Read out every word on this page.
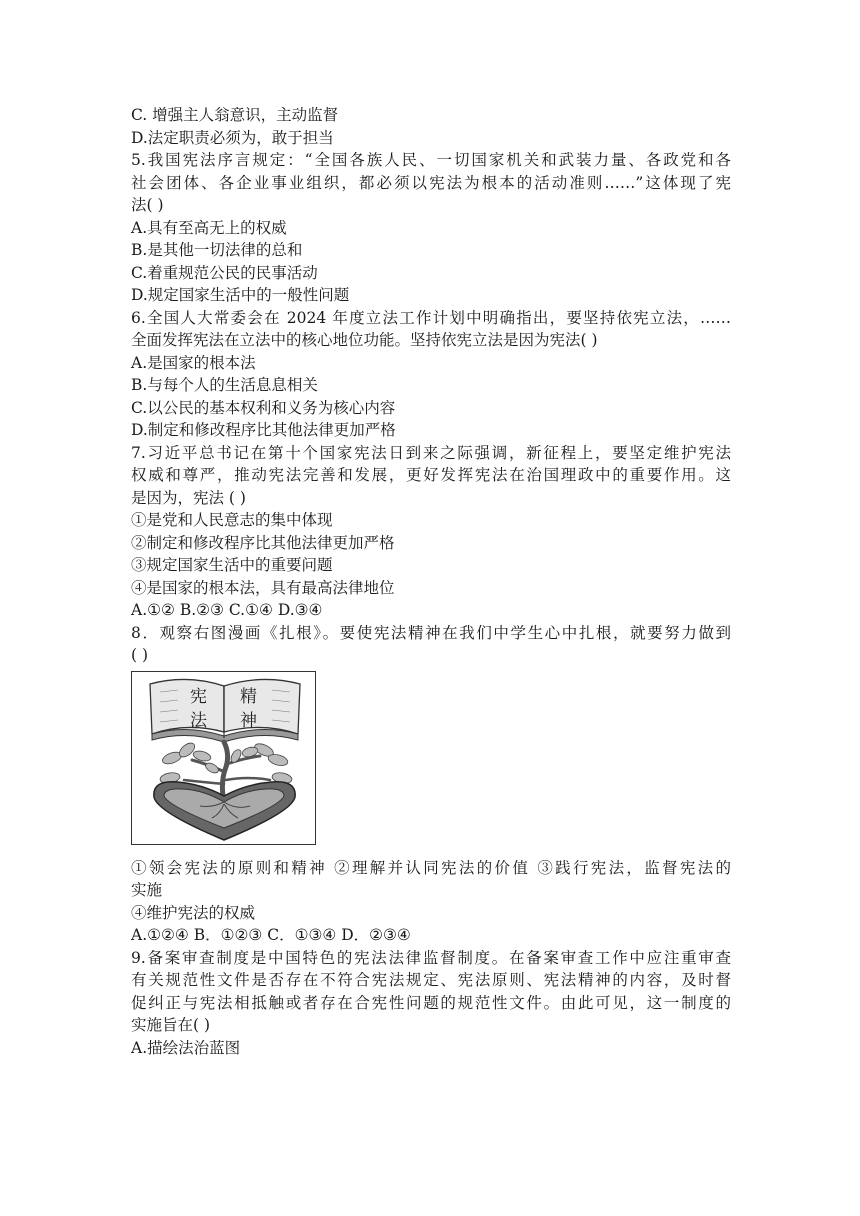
C. 增强主人翁意识，主动监督
D.法定职责必须为，敢于担当
5.我国宪法序言规定：“全国各族人民、一切国家机关和武装力量、各政党和各
社会团体、各企业事业组织，都必须以宪法为根本的活动准则……”这体现了宪
法( )
A.具有至高无上的权威
B.是其他一切法律的总和
C.着重规范公民的民事活动
D.规定国家生活中的一般性问题
6.全国人大常委会在 2024 年度立法工作计划中明确指出，要坚持依宪立法，……
全面发挥宪法在立法中的核心地位功能。坚持依宪立法是因为宪法( )
A.是国家的根本法
B.与每个人的生活息息相关
C.以公民的基本权利和义务为核心内容
D.制定和修改程序比其他法律更加严格
7.习近平总书记在第十个国家宪法日到来之际强调，新征程上，要坚定维护宪法
权威和尊严，推动宪法完善和发展，更好发挥宪法在治国理政中的重要作用。这
是因为，宪法 ( )
①是党和人民意志的集中体现
②制定和修改程序比其他法律更加严格
③规定国家生活中的重要问题
④是国家的根本法，具有最高法律地位
A.①② B.②③ C.①④ D.③④
8．观察右图漫画《扎根》。要使宪法精神在我们中学生心中扎根，就要努力做到
( )
宪
法
精
神
①领会宪法的原则和精神 ②理解并认同宪法的价值 ③践行宪法，监督宪法的
实施
④维护宪法的权威
A.①②④ B．①②③ C．①③④ D．②③④
9.备案审查制度是中国特色的宪法法律监督制度。在备案审查工作中应注重审查
有关规范性文件是否存在不符合宪法规定、宪法原则、宪法精神的内容，及时督
促纠正与宪法相抵触或者存在合宪性问题的规范性文件。由此可见，这一制度的
实施旨在( )
A.描绘法治蓝图
